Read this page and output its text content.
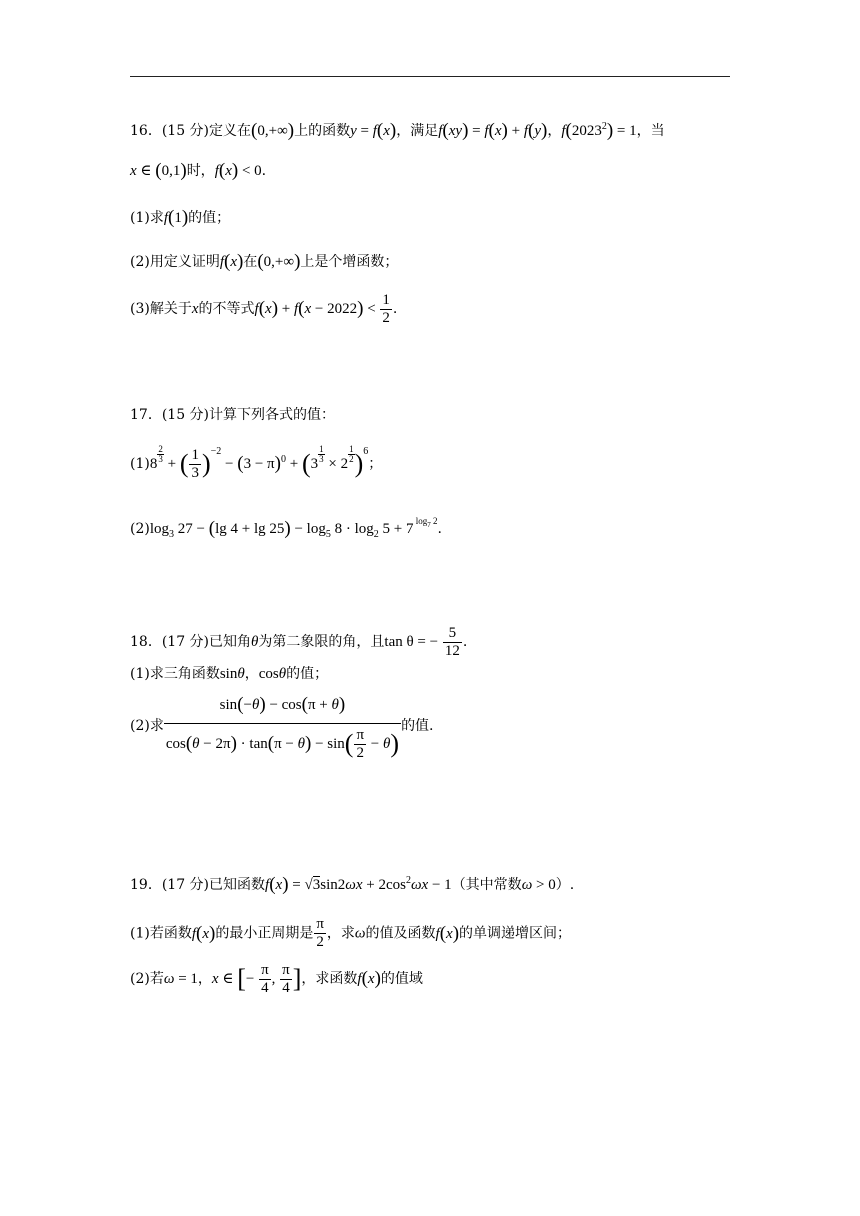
16．(15 分)定义在(0,+∞)上的函数y = f(x)，满足f(xy) = f(x) + f(y)，$f(2023^2) = 1$，当
x ∈ (0,1)时，f(x) < 0.
(1)求f(1)的值；
(2)用定义证明f(x)在(0,+∞)上是个增函数；
(3)解关于x的不等式$f(x) + f(x - 2022) < \frac{1}{2}$ .
17．(15 分)计算下列各式的值：
$(1)8 \frac{2}{3}$ + ( $\frac{1}{3} )^{-2} - (3 - \pi)^0 + (3 \frac{1}{3} \times 2 \frac{1}{2} )^6$；
$(2)\log_3$ 27 − (lg $4 + \lg 25) - \log_5 8 \cdot \log_2 5 + 7$ $^{log_7 2}$.
18．(17 分)已知角θ为第二象限的角，且tan θ = − $\frac{5}{12}$ .
(1)求三角函数sinθ，cosθ的值；
(2)求 $\frac{\sin(-\theta) - \cos(\pi + \theta)}{\cos(\theta - 2\pi) \cdot \tan(\pi - \theta) - \sin( \frac{\pi}{2} - \theta)}$ 的值.
19．(17 分)已知函数$f(x) = √3\sin 2\omega x + 2\cos^2\omega x - 1$（其中常数ω > 0）.
(1)若函数f(x)的最小正周期是 $\frac{\pi}{2}$ ，求ω的值及函数f(x)的单调递增区间；
(2)若ω = 1，x ∈ [− $\frac{\pi}{4}$ , $\frac{\pi}{4}$ ]，求函数f(x)的值域
